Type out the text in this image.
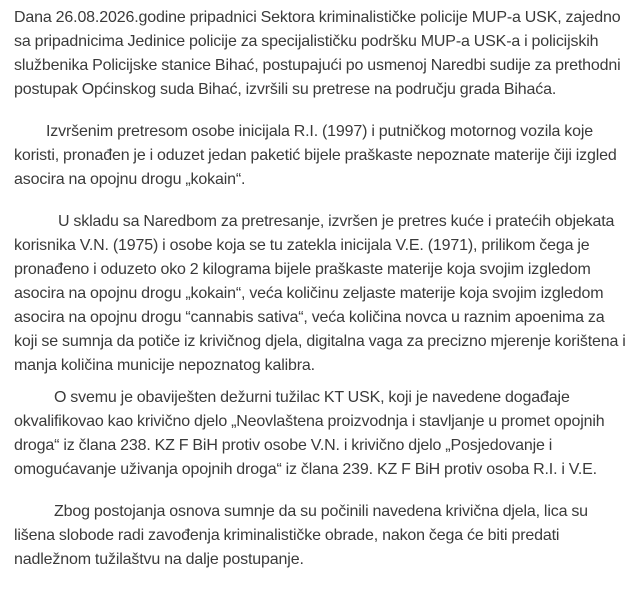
Dana 26.08.2026.godine pripadnici Sektora kriminalističke policije MUP-a USK, zajedno sa pripadnicima Jedinice policije za specijalističku podršku MUP-a USK-a i policijskih službenika Policijske stanice Bihać, postupajući po usmenoj Naredbi sudije za prethodni postupak Općinskog suda Bihać, izvršili su pretrese na području grada Bihaća.

Izvršenim pretresom osobe inicijala R.I. (1997) i putničkog motornog vozila koje koristi, pronađen je i oduzet jedan paketić bijele praškaste nepoznate materije čiji izgled asocira na opojnu drogu „kokain“.

U skladu sa Naredbom za pretresanje, izvršen je pretres kuće i pratećih objekata korisnika V.N. (1975) i osobe koja se tu zatekla inicijala V.E. (1971), prilikom čega je pronađeno i oduzeto oko 2 kilograma bijele praškaste materije koja svojim izgledom asocira na opojnu drogu „kokain“, veća količinu zeljaste materije koja svojim izgledom asocira na opojnu drogu “cannabis sativa“, veća količina novca u raznim apoenima za koji se sumnja da potiče iz krivičnog djela, digitalna vaga za precizno mjerenje korištena i manja količina municije nepoznatog kalibra.

O svemu je obaviješten dežurni tužilac KT USK, koji je navedene događaje okvalifikovao kao krivično djelo „Neovlaštena proizvodnja i stavljanje u promet opojnih droga“ iz člana 238. KZ F BiH protiv osobe V.N. i krivično djelo „Posjedovanje i omogućavanje uživanja opojnih droga“ iz člana 239. KZ F BiH protiv osoba R.I. i V.E.

Zbog postojanja osnova sumnje da su počinili navedena krivična djela, lica su lišena slobode radi zavođenja kriminalističke obrade, nakon čega će biti predati nadležnom tužilaštvu na dalje postupanje.
